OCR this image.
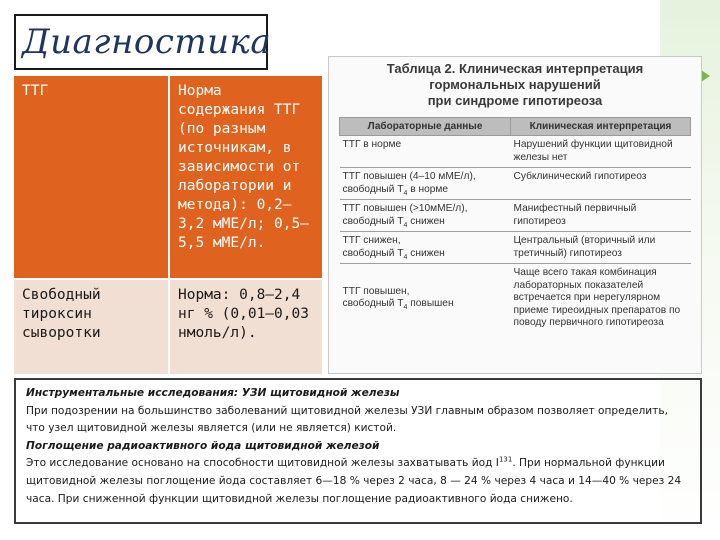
Диагностика
ТТГ	Норма содержания ТТГ (по разным источникам, в зависимости от лаборатории и метода): 0,2—3,2 мМЕ/л; 0,5—5,5 мМЕ/л.
Свободный тироксин сыворотки	Норма: 0,8—2,4 нг % (0,01—0,03 нмоль/л).
Таблица 2. Клиническая интерпретация
гормональных нарушений
при синдроме гипотиреоза
Лабораторные данные	Клиническая интерпретация
ТТГ в норме	Нарушений функции щитовидной железы нет
ТТГ повышен (4–10 мМЕ/л),
свободный $Т_4$ в норме	Субклинический гипотиреоз
ТТГ повышен (>10мМЕ/л),
свободный $Т_4$ снижен	Манифестный первичный гипотиреоз
ТТГ снижен,
свободный $Т_4$ снижен	Центральный (вторичный или третичный) гипотиреоз
ТТГ повышен,
свободный $Т_4$ повышен	Чаще всего такая комбинация лабораторных показателей встречается при нерегулярном приеме тиреоидных препаратов по поводу первичного гипотиреоза

Инструментальные исследования: УЗИ щитовидной железы

При подозрении на большинство заболеваний щитовидной железы УЗИ главным образом позволяет определить, что узел щитовидной железы является (или не является) кистой.

Поглощение радиоактивного йода щитовидной железой

Это исследование основано на способности щитовидной железы захватывать йод $I^{131}$. При нормальной функции щитовидной железы поглощение йода составляет 6—18 % через 2 часа, 8 — 24 % через 4 часа и 14—40 % через 24 часа. При сниженной функции щитовидной железы поглощение радиоактивного йода снижено.
